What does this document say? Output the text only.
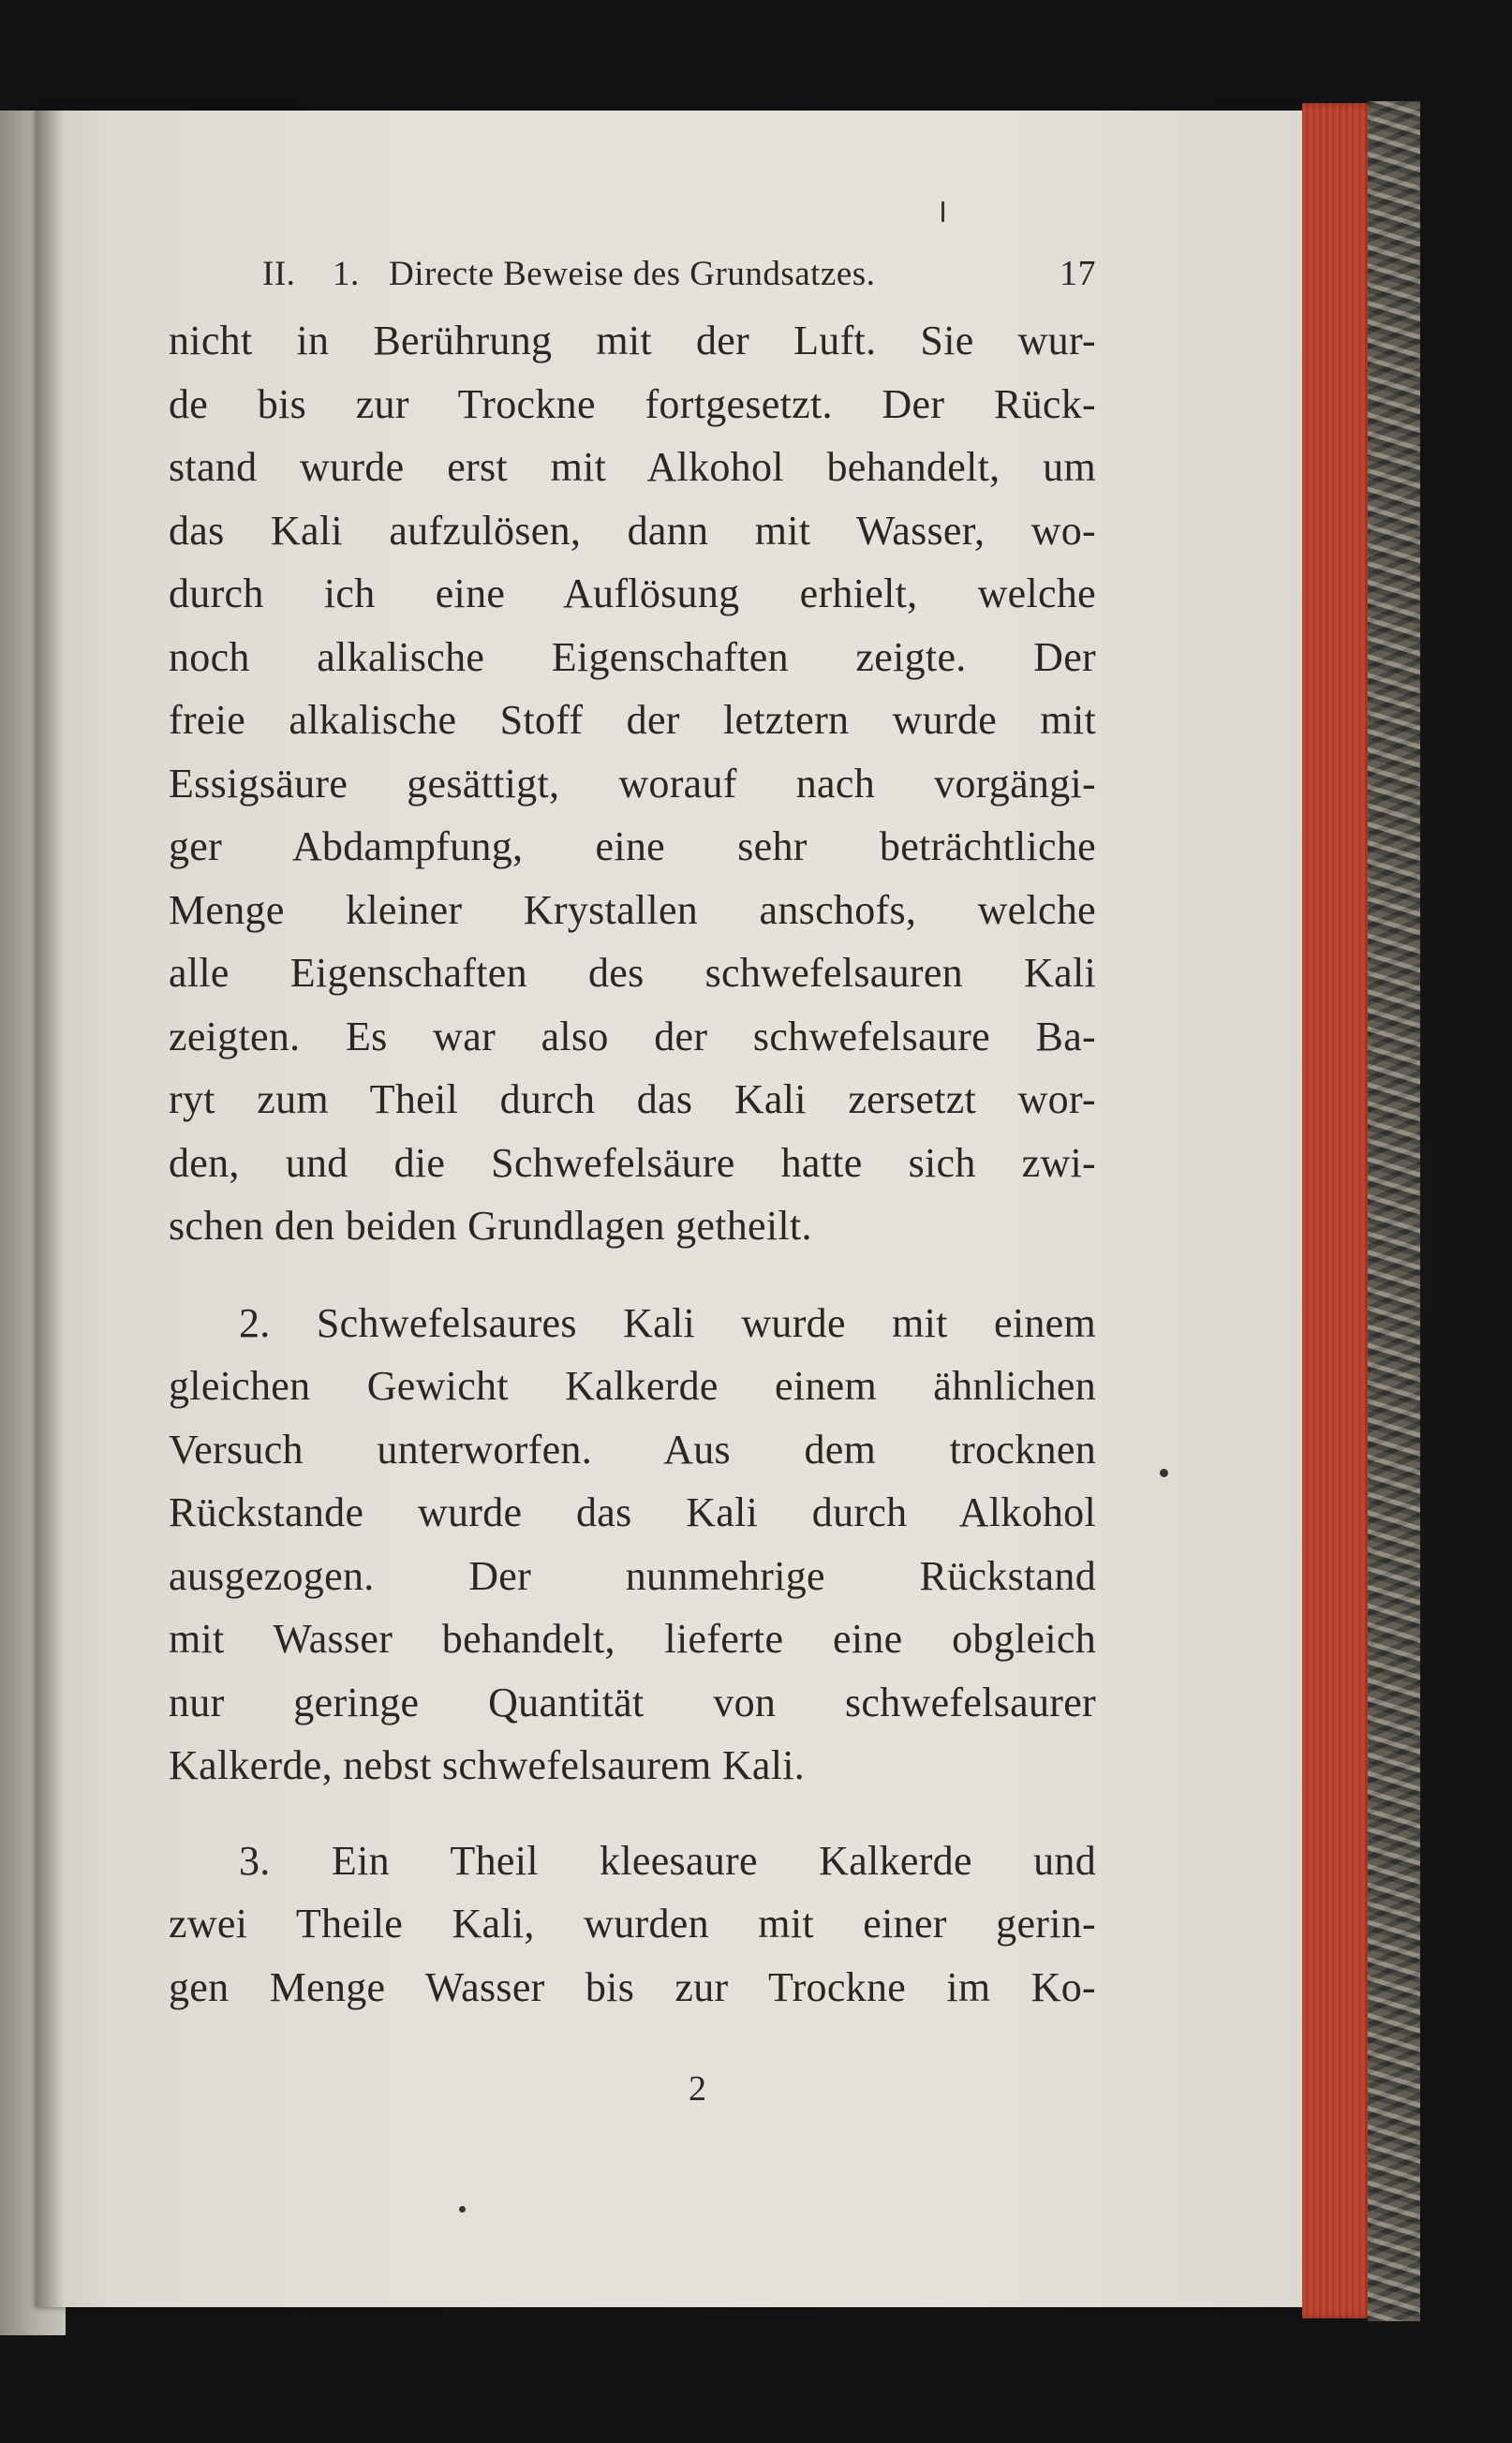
II.	1. Directe Beweise des Grundsatzes.	17
nicht in Berührung mit der Luft. Sie wur-
de bis zur Trockne fortgesetzt. Der Rück-
stand wurde erst mit Alkohol behandelt, um
das Kali aufzulösen, dann mit Wasser, wo-
durch ich eine Auflösung erhielt, welche
noch alkalische Eigenschaften zeigte. Der
freie alkalische Stoff der letztern wurde mit
Essigsäure gesättigt, worauf nach vorgängi-
ger Abdampfung, eine sehr beträchtliche
Menge kleiner Krystallen anschofs, welche
alle Eigenschaften des schwefelsauren Kali
zeigten. Es war also der schwefelsaure Ba-
ryt zum Theil durch das Kali zersetzt wor-
den, und die Schwefelsäure hatte sich zwi-
schen den beiden Grundlagen getheilt.
2. Schwefelsaures Kali wurde mit einem
gleichen Gewicht Kalkerde einem ähnlichen
Versuch unterworfen. Aus dem trocknen
Rückstande wurde das Kali durch Alkohol
ausgezogen. Der nunmehrige Rückstand
mit Wasser behandelt, lieferte eine obgleich
nur geringe Quantität von schwefelsaurer
Kalkerde, nebst schwefelsaurem Kali.
3. Ein Theil kleesaure Kalkerde und
zwei Theile Kali, wurden mit einer gerin-
gen Menge Wasser bis zur Trockne im Ko-
2
